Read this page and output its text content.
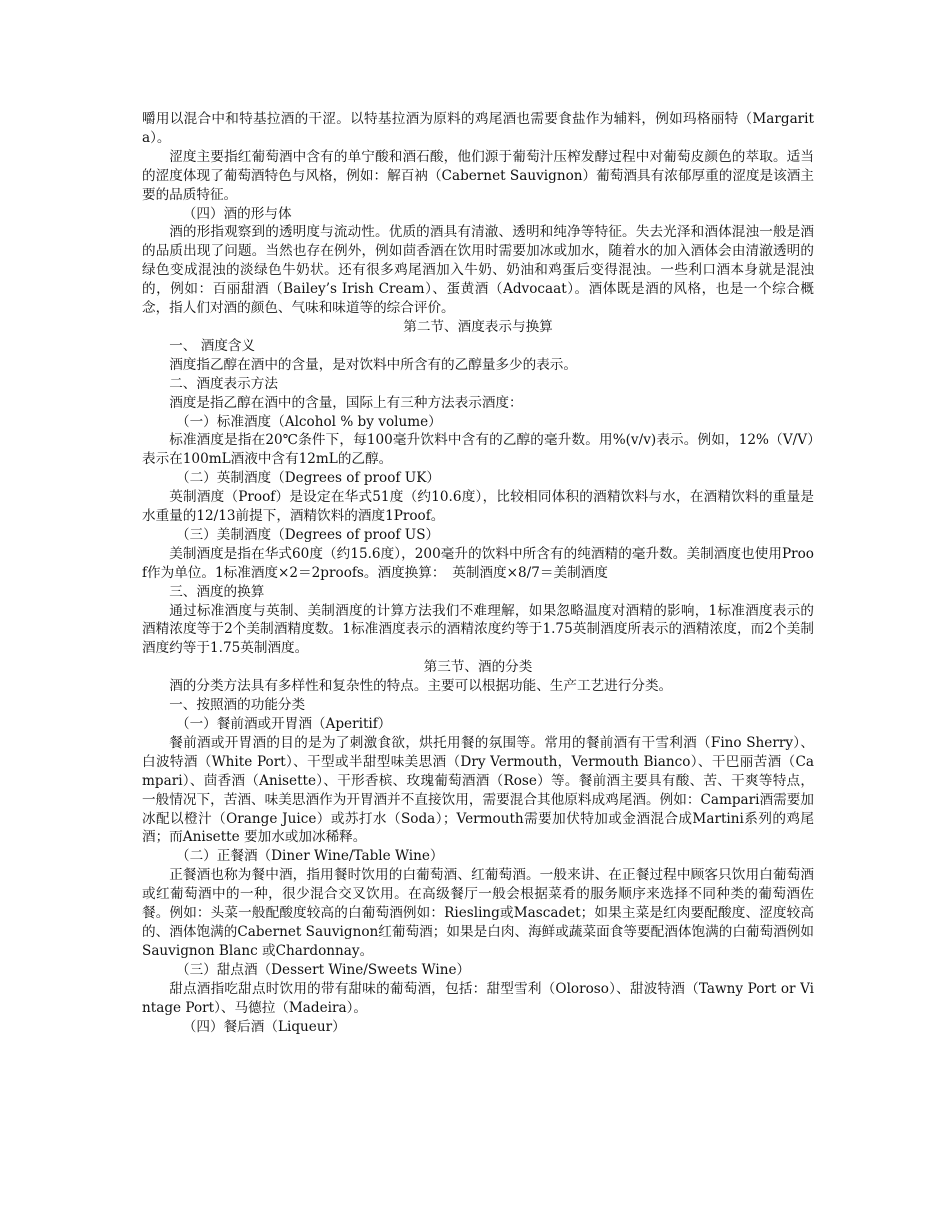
嚼用以混合中和特基拉酒的干涩。以特基拉酒为原料的鸡尾酒也需要食盐作为辅料，例如玛格丽特（Margarita）。

涩度主要指红葡萄酒中含有的单宁酸和酒石酸，他们源于葡萄汁压榨发酵过程中对葡萄皮颜色的萃取。适当的涩度体现了葡萄酒特色与风格，例如：解百衲（Cabernet Sauvignon）葡萄酒具有浓郁厚重的涩度是该酒主要的品质特征。

（四）酒的形与体

酒的形指观察到的透明度与流动性。优质的酒具有清澈、透明和纯净等特征。失去光泽和酒体混浊一般是酒的品质出现了问题。当然也存在例外，例如茴香酒在饮用时需要加冰或加水，随着水的加入酒体会由清澈透明的绿色变成混浊的淡绿色牛奶状。还有很多鸡尾酒加入牛奶、奶油和鸡蛋后变得混浊。一些利口酒本身就是混浊的，例如：百丽甜酒（Bailey’s Irish Cream）、蛋黄酒（Advocaat）。酒体既是酒的风格，也是一个综合概念，指人们对酒的颜色、气味和味道等的综合评价。

第二节、酒度表示与换算

一、 酒度含义

酒度指乙醇在酒中的含量，是对饮料中所含有的乙醇量多少的表示。

二、酒度表示方法

酒度是指乙醇在酒中的含量，国际上有三种方法表示酒度：

（一）标准酒度（Alcohol % by volume）

标准酒度是指在20℃条件下，每100毫升饮料中含有的乙醇的毫升数。用%(v/v)表示。例如，12%（V/V）表示在100mL酒液中含有12mL的乙醇。

（二）英制酒度（Degrees of proof UK）

英制酒度（Proof）是设定在华式51度（约10.6度），比较相同体积的酒精饮料与水，在酒精饮料的重量是水重量的12/13前提下，酒精饮料的酒度1Proof。

（三）美制酒度（Degrees of proof US）

美制酒度是指在华式60度（约15.6度），200毫升的饮料中所含有的纯酒精的毫升数。美制酒度也使用Proof作为单位。1标准酒度×2＝2proofs。酒度换算：　英制酒度×8/7＝美制酒度

三、酒度的换算

通过标准酒度与英制、美制酒度的计算方法我们不难理解，如果忽略温度对酒精的影响，1标准酒度表示的酒精浓度等于2个美制酒精度数。1标准酒度表示的酒精浓度约等于1.75英制酒度所表示的酒精浓度，而2个美制酒度约等于1.75英制酒度。

第三节、酒的分类

酒的分类方法具有多样性和复杂性的特点。主要可以根据功能、生产工艺进行分类。

一、按照酒的功能分类

（一）餐前酒或开胃酒（Aperitif）

餐前酒或开胃酒的目的是为了刺激食欲，烘托用餐的氛围等。常用的餐前酒有干雪利酒（Fino Sherry）、白波特酒（White Port）、干型或半甜型味美思酒（Dry Vermouth，Vermouth Bianco）、干巴丽苦酒（Campari）、茴香酒（Anisette）、干形香槟、玫瑰葡萄酒酒（Rose）等。餐前酒主要具有酸、苦、干爽等特点，一般情况下，苦酒、味美思酒作为开胃酒并不直接饮用，需要混合其他原料成鸡尾酒。例如：Campari酒需要加冰配以橙汁（Orange Juice）或苏打水（Soda）；Vermouth需要加伏特加或金酒混合成Martini系列的鸡尾酒；而Anisette 要加水或加冰稀释。

（二）正餐酒（Diner Wine/Table Wine）

正餐酒也称为餐中酒，指用餐时饮用的白葡萄酒、红葡萄酒。一般来讲、在正餐过程中顾客只饮用白葡萄酒或红葡萄酒中的一种，很少混合交叉饮用。在高级餐厅一般会根据菜肴的服务顺序来选择不同种类的葡萄酒佐餐。例如：头菜一般配酸度较高的白葡萄酒例如：Riesling或Mascadet；如果主菜是红肉要配酸度、涩度较高的、酒体饱满的Cabernet Sauvignon红葡萄酒；如果是白肉、海鲜或蔬菜面食等要配酒体饱满的白葡萄酒例如Sauvignon Blanc 或Chardonnay。

（三）甜点酒（Dessert Wine/Sweets Wine）

甜点酒指吃甜点时饮用的带有甜味的葡萄酒，包括：甜型雪利（Oloroso）、甜波特酒（Tawny Port or Vintage Port）、马德拉（Madeira）。

（四）餐后酒（Liqueur）
